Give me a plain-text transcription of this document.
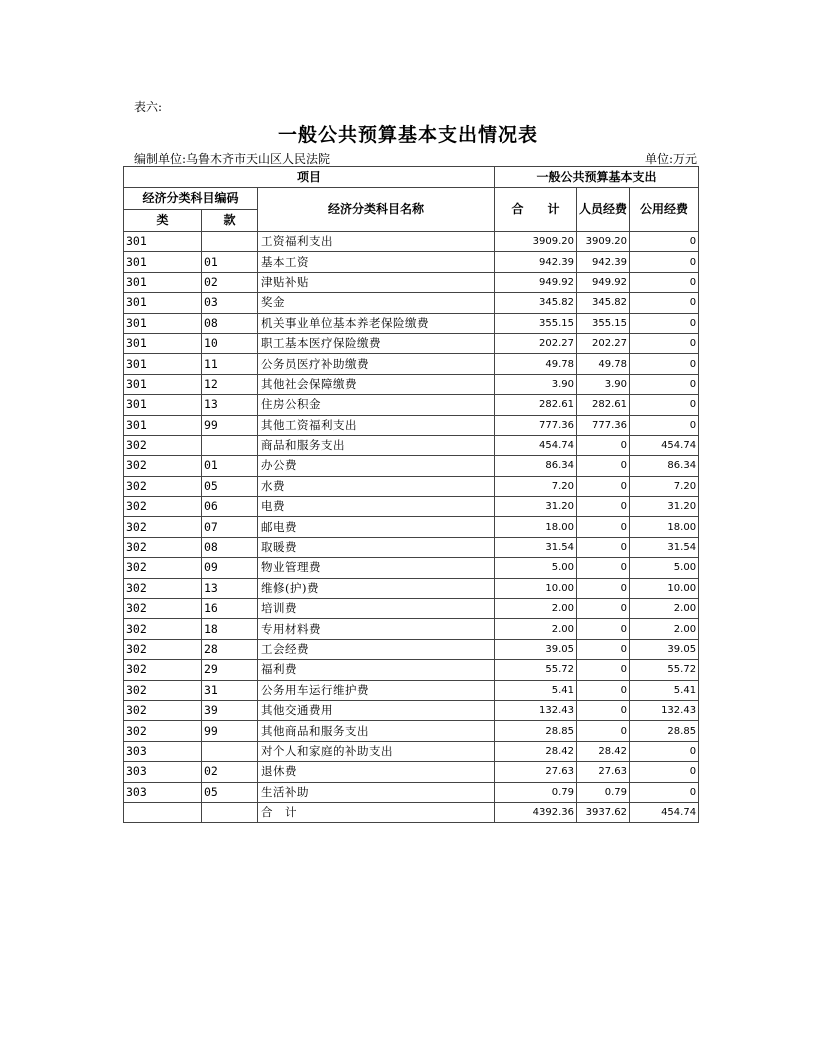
表六:
一般公共预算基本支出情况表
编制单位:乌鲁木齐市天山区人民法院	单位:万元
项目			一般公共预算基本支出		
经济分类科目编码		经济分类科目名称	合　　计	人员经费	公用经费
类	款				
301		工资福利支出	3909.20	3909.20	0
301	01	基本工资	942.39	942.39	0
301	02	津贴补贴	949.92	949.92	0
301	03	奖金	345.82	345.82	0
301	08	机关事业单位基本养老保险缴费	355.15	355.15	0
301	10	职工基本医疗保险缴费	202.27	202.27	0
301	11	公务员医疗补助缴费	49.78	49.78	0
301	12	其他社会保障缴费	3.90	3.90	0
301	13	住房公积金	282.61	282.61	0
301	99	其他工资福利支出	777.36	777.36	0
302		商品和服务支出	454.74	0	454.74
302	01	办公费	86.34	0	86.34
302	05	水费	7.20	0	7.20
302	06	电费	31.20	0	31.20
302	07	邮电费	18.00	0	18.00
302	08	取暖费	31.54	0	31.54
302	09	物业管理费	5.00	0	5.00
302	13	维修(护)费	10.00	0	10.00
302	16	培训费	2.00	0	2.00
302	18	专用材料费	2.00	0	2.00
302	28	工会经费	39.05	0	39.05
302	29	福利费	55.72	0	55.72
302	31	公务用车运行维护费	5.41	0	5.41
302	39	其他交通费用	132.43	0	132.43
302	99	其他商品和服务支出	28.85	0	28.85
303		对个人和家庭的补助支出	28.42	28.42	0
303	02	退休费	27.63	27.63	0
303	05	生活补助	0.79	0.79	0
		合　计	4392.36	3937.62	454.74
